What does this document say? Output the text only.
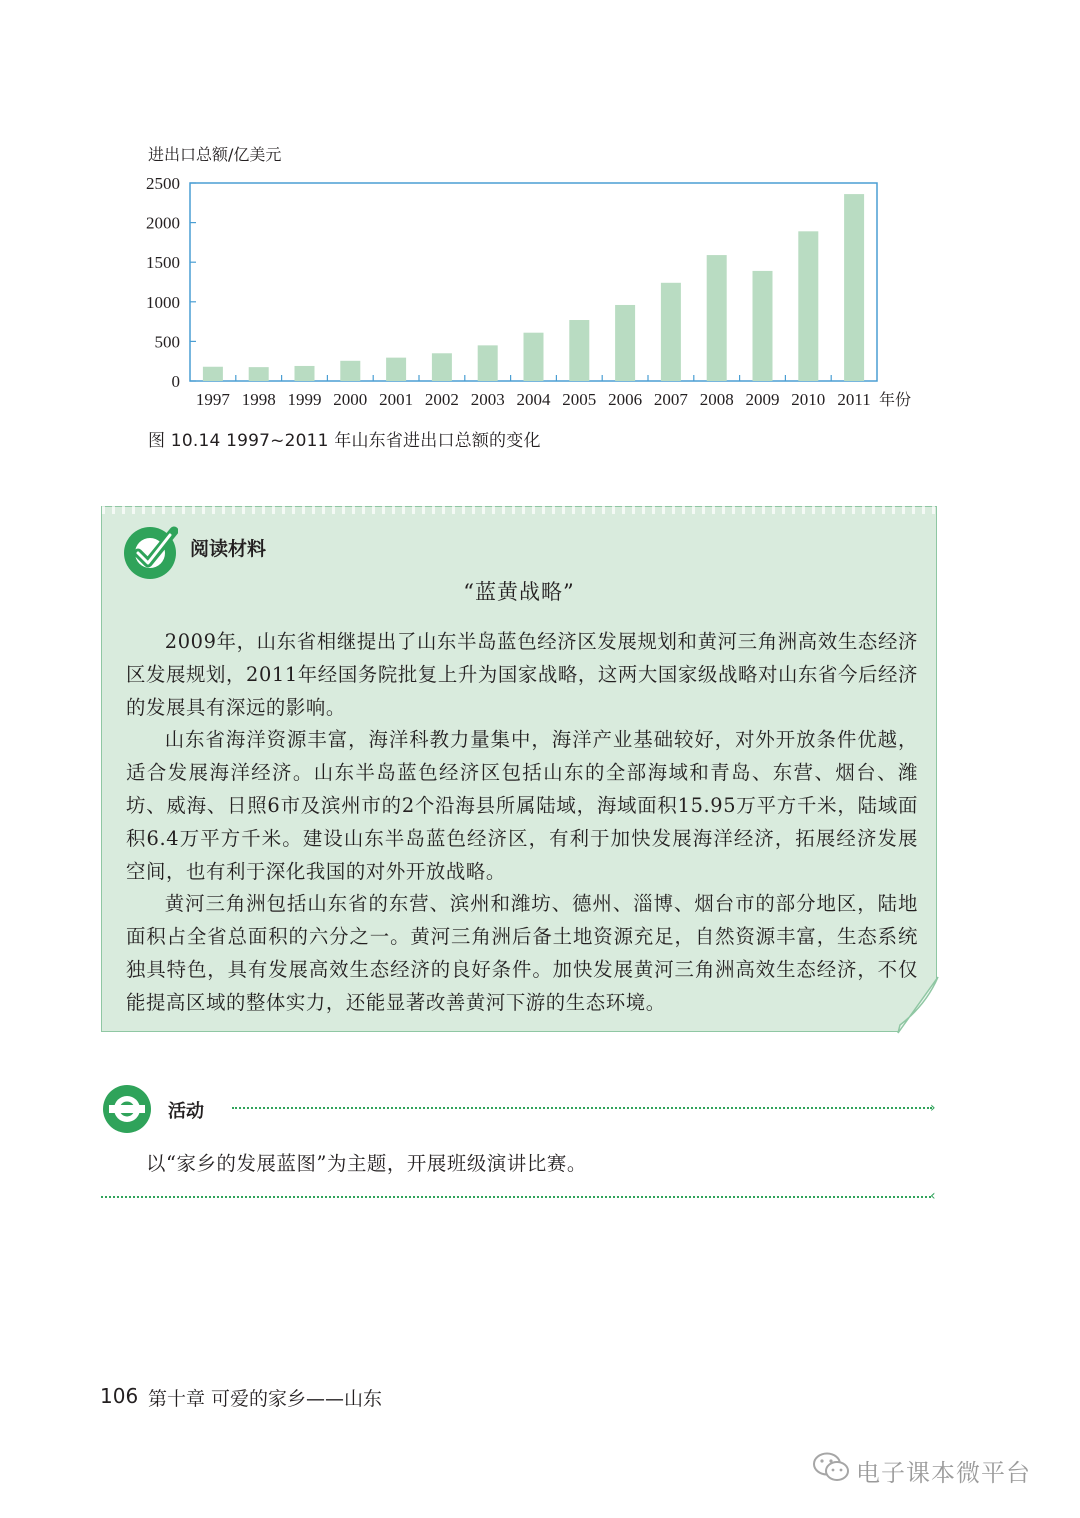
进出口总额/亿美元
0
500
1000
1500
2000
2500
1997 1998 1999 2000 2001 2002 2003 2004 2005 2006 2007 2008 2009 2010 2011 年份
图 10.14 1997~2011 年山东省进出口总额的变化
阅读材料
“蓝黄战略”

2009年，山东省相继提出了山东半岛蓝色经济区发展规划和黄河三角洲高效生态经济区发展规划，2011年经国务院批复上升为国家战略，这两大国家级战略对山东省今后经济的发展具有深远的影响。

山东省海洋资源丰富，海洋科教力量集中，海洋产业基础较好，对外开放条件优越，适合发展海洋经济。山东半岛蓝色经济区包括山东的全部海域和青岛、东营、烟台、潍坊、威海、日照6市及滨州市的2个沿海县所属陆域，海域面积15.95万平方千米，陆域面积6.4万平方千米。建设山东半岛蓝色经济区，有利于加快发展海洋经济，拓展经济发展空间，也有利于深化我国的对外开放战略。

黄河三角洲包括山东省的东营、滨州和潍坊、德州、淄博、烟台市的部分地区，陆地面积占全省总面积的六分之一。黄河三角洲后备土地资源充足，自然资源丰富，生态系统独具特色，具有发展高效生态经济的良好条件。加快发展黄河三角洲高效生态经济，不仅能提高区域的整体实力，还能显著改善黄河下游的生态环境。

活动	›
以“家乡的发展蓝图”为主题，开展班级演讲比赛。
‹
106 第十章 可爱的家乡——山东
电子课本微平台
